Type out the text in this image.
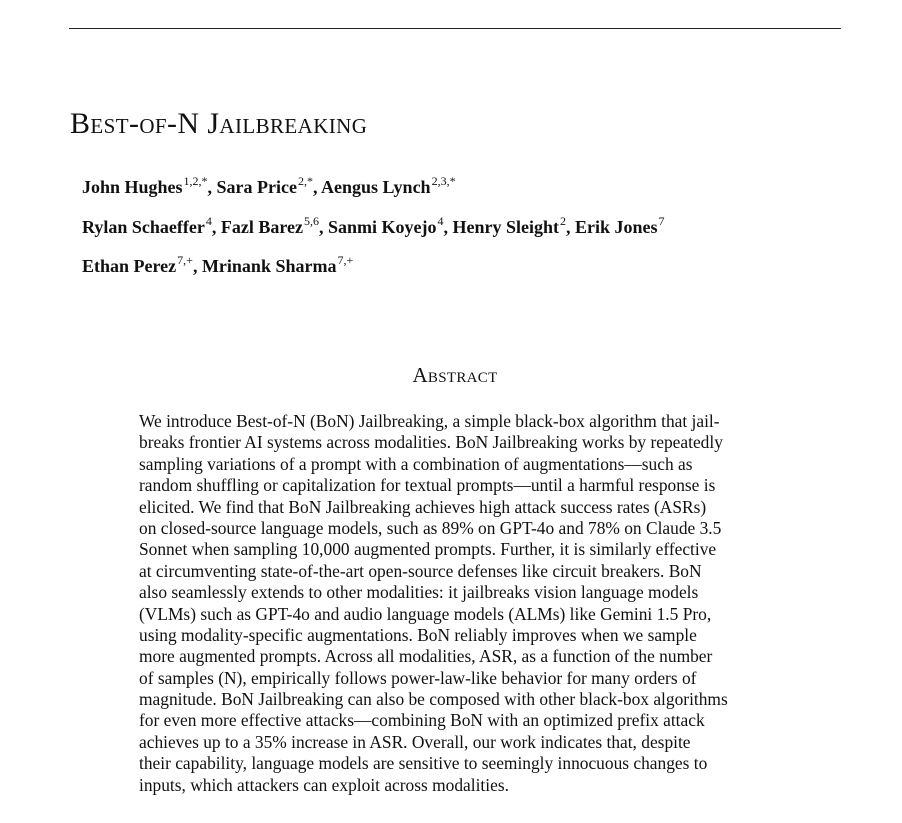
Best-of-N Jailbreaking
John Hughes$^{1,2,*}$, Sara Price$^{2,*}$, Aengus Lynch$^{2,3,*}$
Rylan Schaeffer$^4$, Fazl Barez$^{5,6}$, Sanmi Koyejo$^4$, Henry Sleight$^2$, Erik Jones$^7$
Ethan Perez$^{7,+}$, Mrinank Sharma$^{7,+}$
Abstract
We introduce Best-of-N (BoN) Jailbreaking, a simple black-box algorithm that jail-
breaks frontier AI systems across modalities. BoN Jailbreaking works by repeatedly
sampling variations of a prompt with a combination of augmentations—such as
random shuffling or capitalization for textual prompts—until a harmful response is
elicited. We find that BoN Jailbreaking achieves high attack success rates (ASRs)
on closed-source language models, such as 89% on GPT-4o and 78% on Claude 3.5
Sonnet when sampling 10,000 augmented prompts. Further, it is similarly effective
at circumventing state-of-the-art open-source defenses like circuit breakers. BoN
also seamlessly extends to other modalities: it jailbreaks vision language models
(VLMs) such as GPT-4o and audio language models (ALMs) like Gemini 1.5 Pro,
using modality-specific augmentations. BoN reliably improves when we sample
more augmented prompts. Across all modalities, ASR, as a function of the number
of samples (N), empirically follows power-law-like behavior for many orders of
magnitude. BoN Jailbreaking can also be composed with other black-box algorithms
for even more effective attacks—combining BoN with an optimized prefix attack
achieves up to a 35% increase in ASR. Overall, our work indicates that, despite
their capability, language models are sensitive to seemingly innocuous changes to
inputs, which attackers can exploit across modalities.
